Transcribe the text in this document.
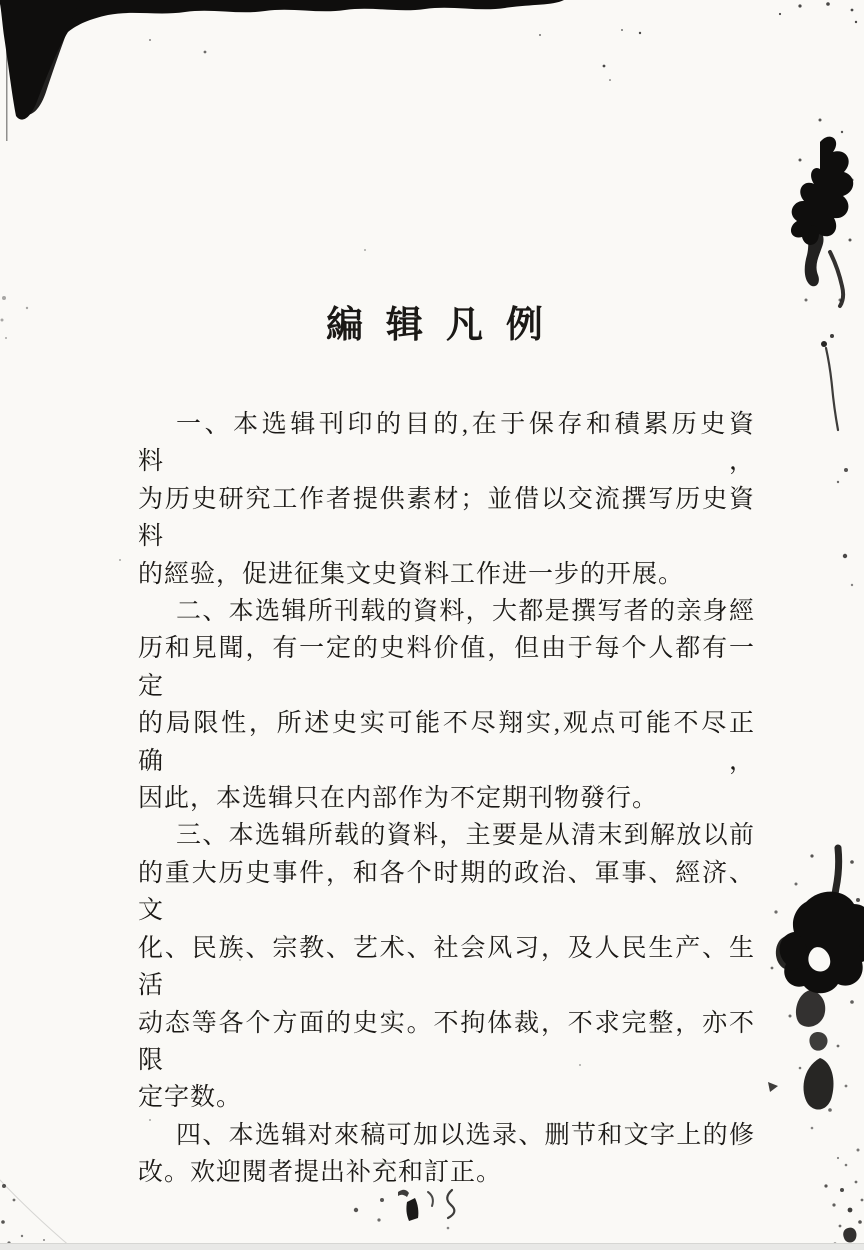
編辑凡例
一、本选辑刊印的目的,在于保存和積累历史資料，
为历史研究工作者提供素材；並借以交流撰写历史資料
的經验，促进征集文史資料工作进一步的开展。
二、本选辑所刊载的資料，大都是撰写者的亲身經
历和見聞，有一定的史料价值，但由于每个人都有一定
的局限性，所述史实可能不尽翔实,观点可能不尽正确，
因此，本选辑只在内部作为不定期刊物發行。
三、本选辑所载的資料，主要是从清末到解放以前
的重大历史事件，和各个时期的政治、軍事、經济、文
化、民族、宗教、艺术、社会风习，及人民生产、生活
动态等各个方面的史实。不拘体裁，不求完整，亦不限
定字数。
四、本选辑对來稿可加以选录、删节和文字上的修
改。欢迎閱者提出补充和訂正。
